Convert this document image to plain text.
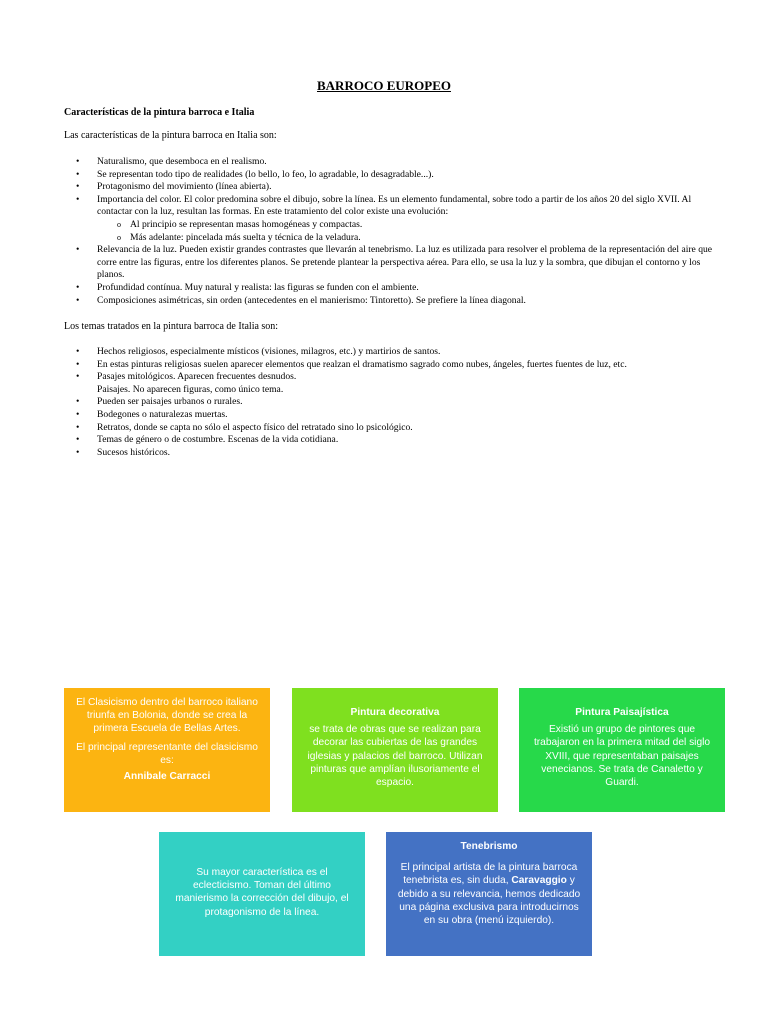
BARROCO EUROPEO
Características de la pintura barroca e Italia
Las características de la pintura barroca en Italia son:
• Naturalismo, que desemboca en el realismo.
• Se representan todo tipo de realidades (lo bello, lo feo, lo agradable, lo desagradable...).
• Protagonismo del movimiento (línea abierta).
• Importancia del color. El color predomina sobre el dibujo, sobre la línea. Es un elemento fundamental, sobre todo a partir de los años 20 del siglo XVII. Al contactar con la luz, resultan las formas. En este tratamiento del color existe una evolución:
o Al principio se representan masas homogéneas y compactas.
o Más adelante: pincelada más suelta y técnica de la veladura.
• Relevancia de la luz. Pueden existir grandes contrastes que llevarán al tenebrismo. La luz es utilizada para resolver el problema de la representación del aire que corre entre las figuras, entre los diferentes planos. Se pretende plantear la perspectiva aérea. Para ello, se usa la luz y la sombra, que dibujan el contorno y los planos.
• Profundidad contínua. Muy natural y realista: las figuras se funden con el ambiente.
• Composiciones asimétricas, sin orden (antecedentes en el manierismo: Tintoretto). Se prefiere la línea diagonal.
Los temas tratados en la pintura barroca de Italia son:
• Hechos religiosos, especialmente místicos (visiones, milagros, etc.) y martirios de santos.
• En estas pinturas religiosas suelen aparecer elementos que realzan el dramatismo sagrado como nubes, ángeles, fuertes fuentes de luz, etc.
• Pasajes mitológicos. Aparecen frecuentes desnudos.
Paisajes. No aparecen figuras, como único tema.
• Pueden ser paisajes urbanos o rurales.
• Bodegones o naturalezas muertas.
• Retratos, donde se capta no sólo el aspecto físico del retratado sino lo psicológico.
• Temas de género o de costumbre. Escenas de la vida cotidiana.
• Sucesos históricos.

El Clasicismo dentro del barroco italiano triunfa en Bolonia, donde se crea la primera Escuela de Bellas Artes.

El principal representante del clasicismo es:

Annibale Carracci

Pintura decorativa

se trata de obras que se realizan para decorar las cubiertas de las grandes iglesias y palacios del barroco. Utilizan pinturas que amplían ilusoriamente el espacio.

Pintura Paisajística

Existió un grupo de pintores que trabajaron en la primera mitad del siglo XVIII, que representaban paisajes venecianos. Se trata de Canaletto y Guardi.

Su mayor característica es el eclecticismo. Toman del último manierismo la corrección del dibujo, el protagonismo de la línea.

Tenebrismo

El principal artista de la pintura barroca tenebrista es, sin duda, Caravaggio y debido a su relevancia, hemos dedicado una página exclusiva para introducirnos en su obra (menú izquierdo).
